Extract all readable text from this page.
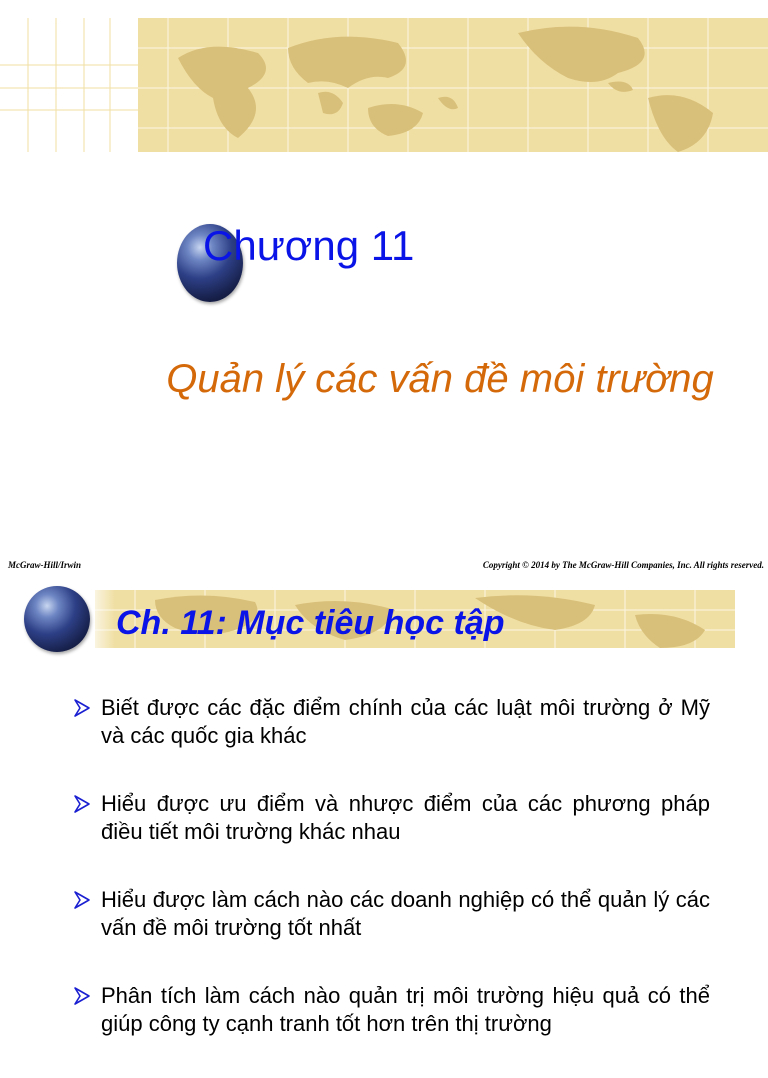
Chương 11
Quản lý các vấn đề môi trường
McGraw-Hill/Irwin	Copyright © 2014 by The McGraw-Hill Companies, Inc. All rights reserved.
Ch. 11: Mục tiêu học tập
Biết được các đặc điểm chính của các luật môi trường ở Mỹ và các quốc gia khác
Hiểu được ưu điểm và nhược điểm của các phương pháp điều tiết môi trường khác nhau
Hiểu được làm cách nào các doanh nghiệp có thể quản lý các vấn đề môi trường tốt nhất
Phân tích làm cách nào quản trị môi trường hiệu quả có thể giúp công ty cạnh tranh tốt hơn trên thị trường
